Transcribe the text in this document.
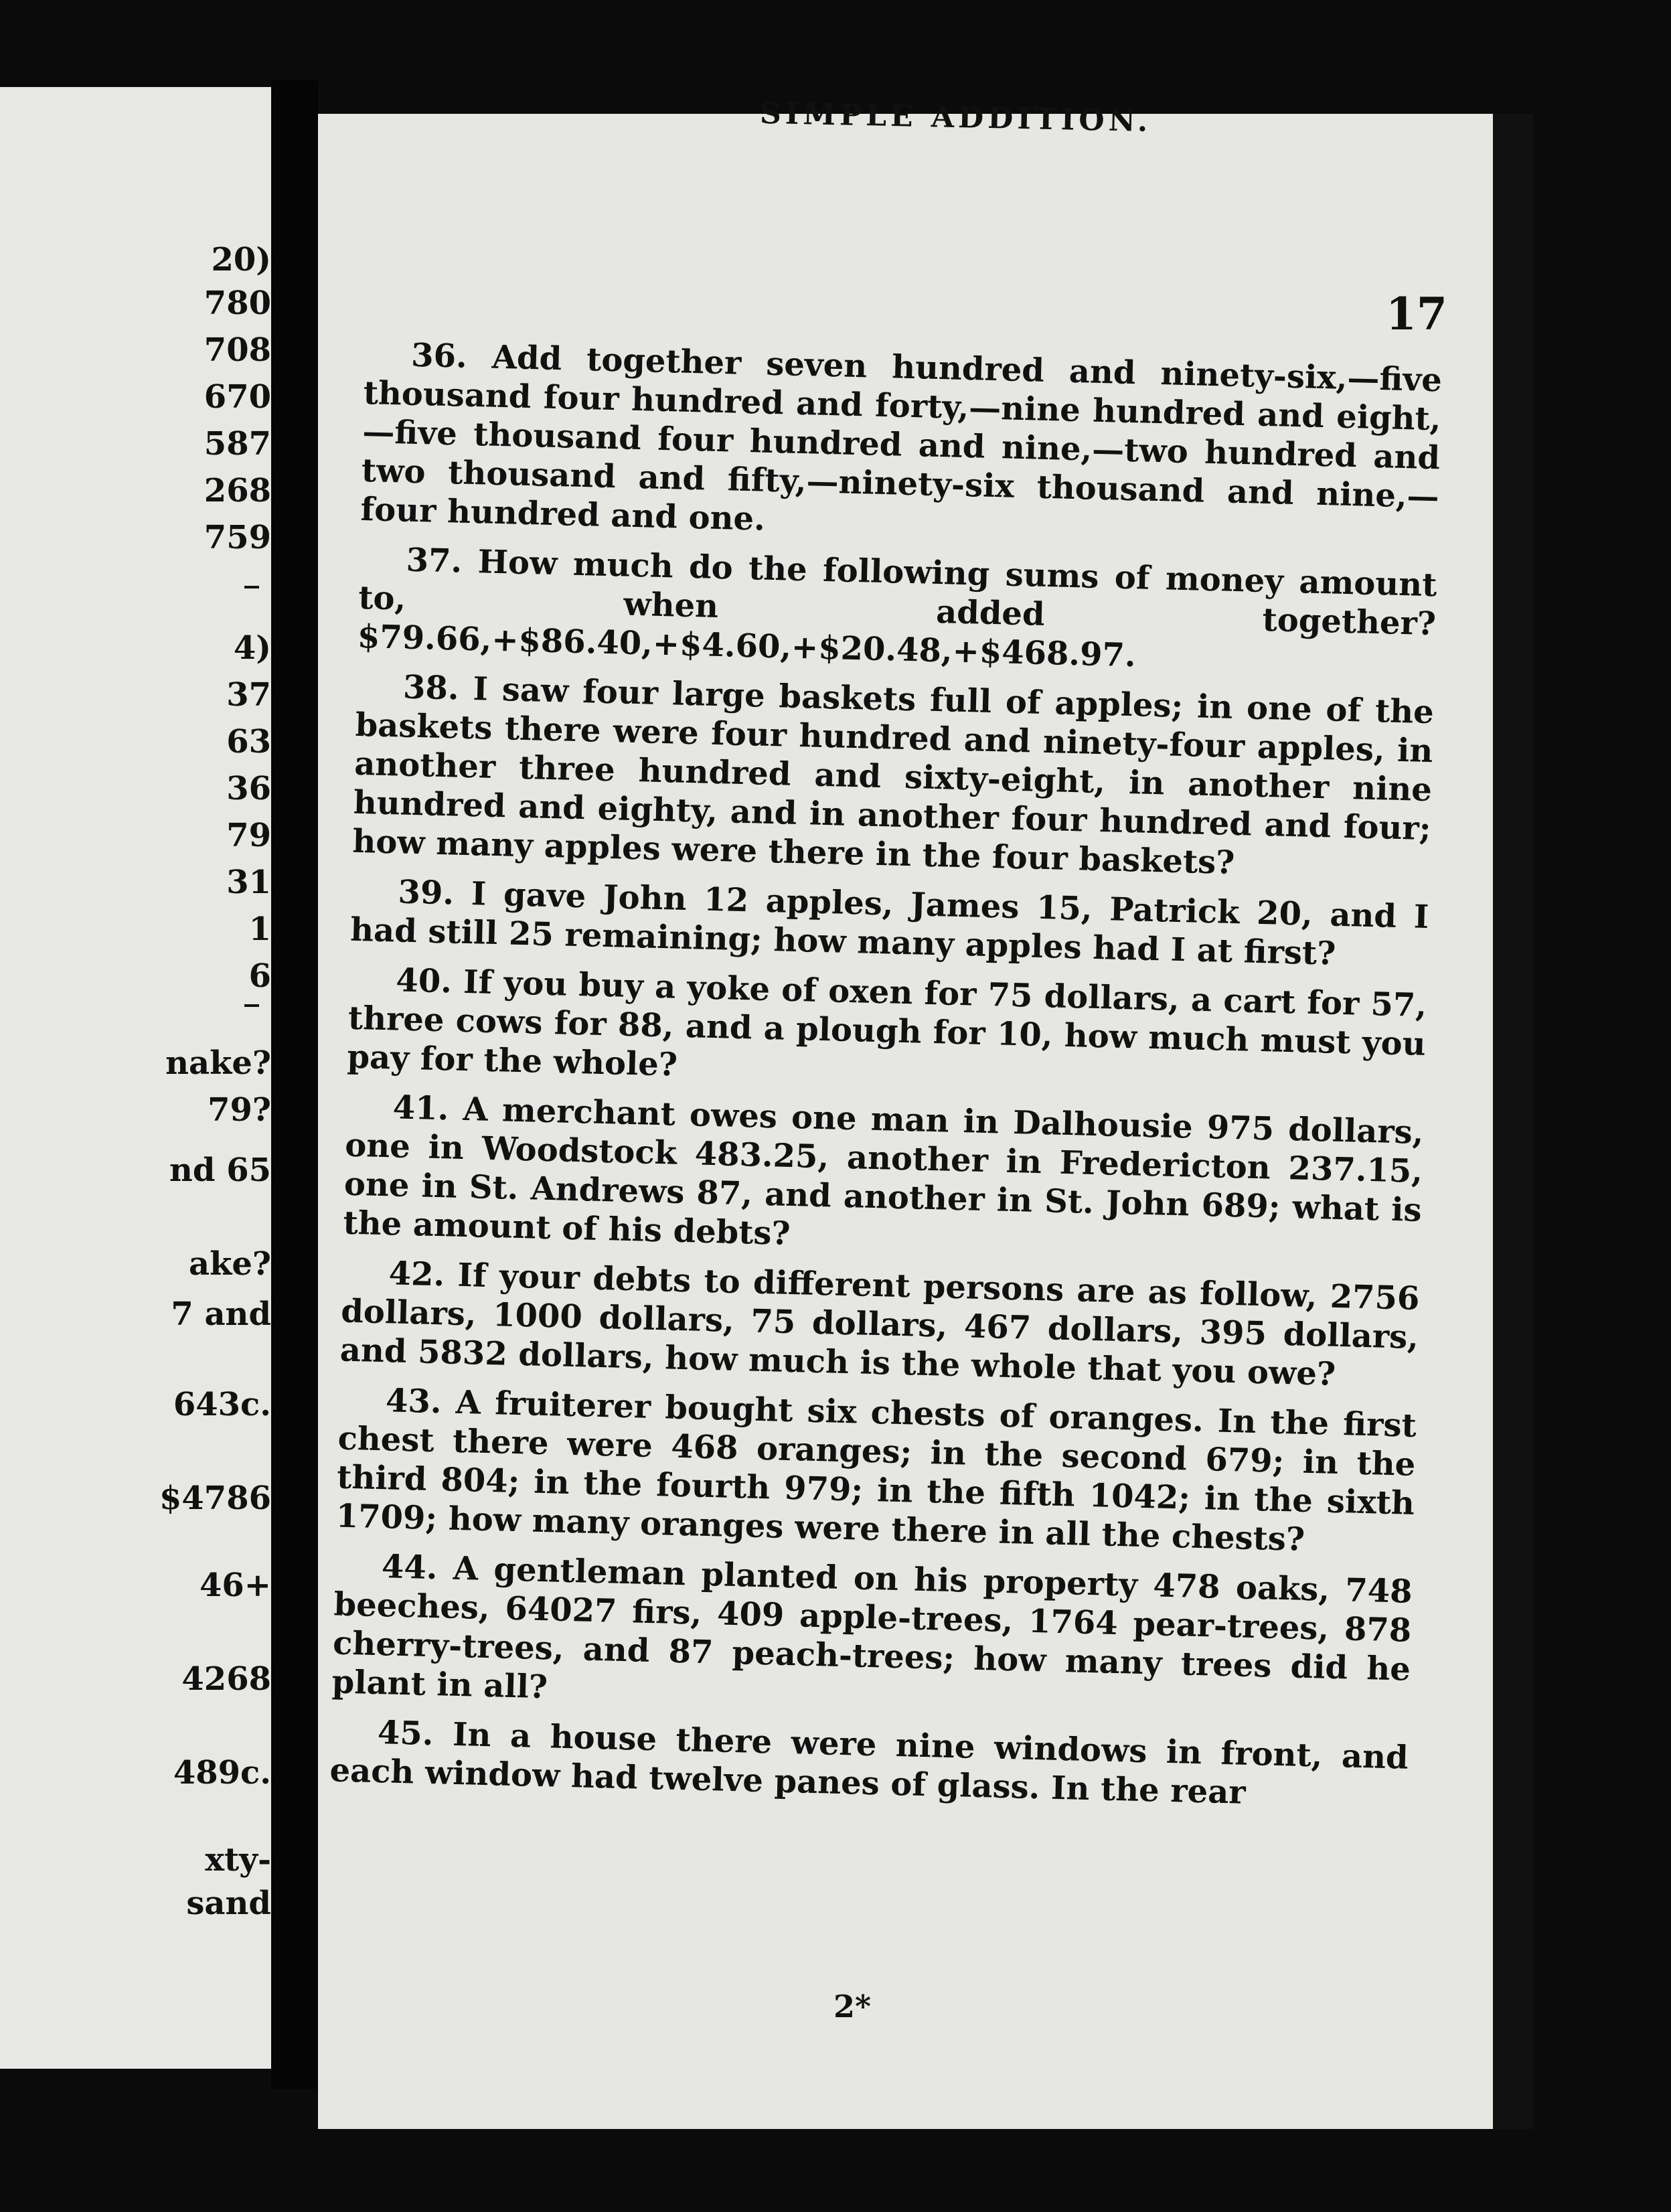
20)
780
708
670
587
268
759
4)
37
63
36
79
31
1
6
nake?
79?
nd 65
ake?
7 and
643c.
$4786
46+
4268
489c.
xty-
sand
SIMPLE ADDITION.
17

36. Add together seven hundred and ninety-six,—five thousand four hundred and forty,—nine hundred and eight,—five thousand four hundred and nine,—two hundred and two thousand and fifty,—ninety-six thousand and nine,—four hundred and one.

37. How much do the following sums of money amount to, when added together? $79.66,+$86.40,+$4.60,+$20.48,+$468.97.

38. I saw four large baskets full of apples; in one of the baskets there were four hundred and ninety-four apples, in another three hundred and sixty-eight, in another nine hundred and eighty, and in another four hundred and four; how many apples were there in the four baskets?

39. I gave John 12 apples, James 15, Patrick 20, and I had still 25 remaining; how many apples had I at first?

40. If you buy a yoke of oxen for 75 dollars, a cart for 57, three cows for 88, and a plough for 10, how much must you pay for the whole?

41. A merchant owes one man in Dalhousie 975 dollars, one in Woodstock 483.25, another in Fredericton 237.15, one in St. Andrews 87, and another in St. John 689; what is the amount of his debts?

42. If your debts to different persons are as follow, 2756 dollars, 1000 dollars, 75 dollars, 467 dollars, 395 dollars, and 5832 dollars, how much is the whole that you owe?

43. A fruiterer bought six chests of oranges. In the first chest there were 468 oranges; in the second 679; in the third 804; in the fourth 979; in the fifth 1042; in the sixth 1709; how many oranges were there in all the chests?

44. A gentleman planted on his property 478 oaks, 748 beeches, 64027 firs, 409 apple-trees, 1764 pear-trees, 878 cherry-trees, and 87 peach-trees; how many trees did he plant in all?

45. In a house there were nine windows in front, and each window had twelve panes of glass. In the rear

2*
